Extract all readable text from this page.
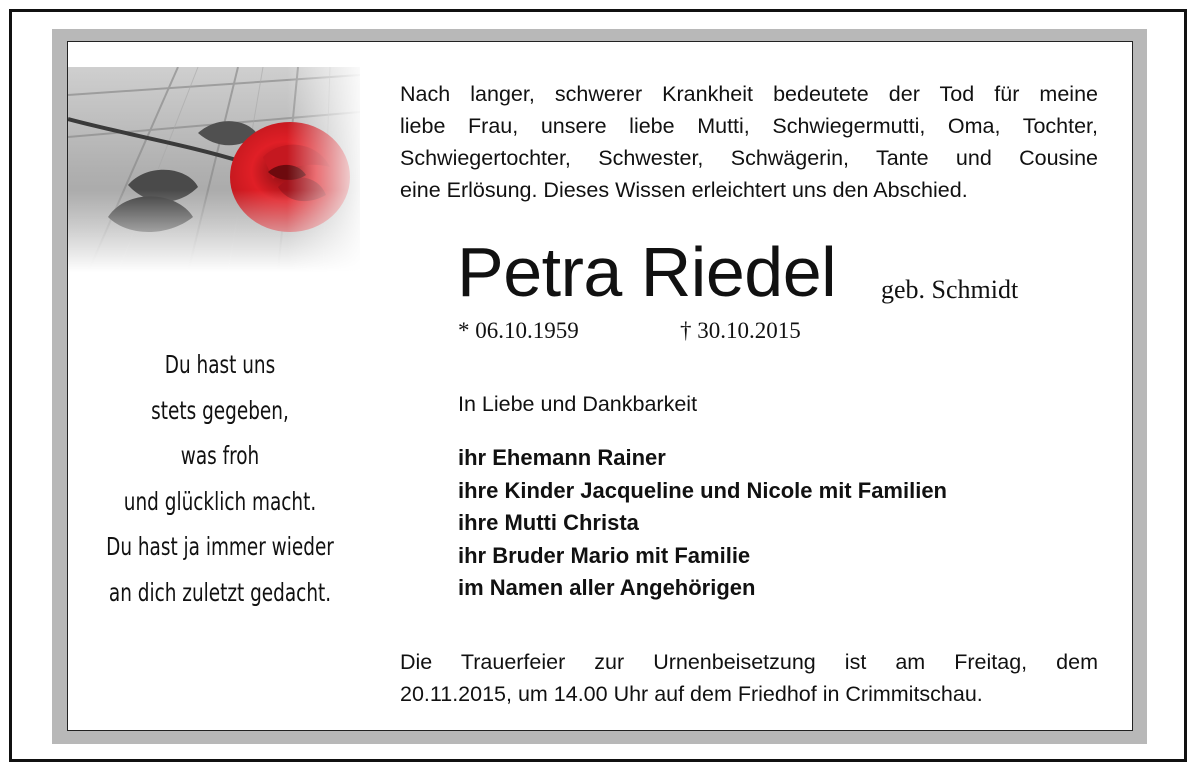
Du hast uns
stets gegeben,
was froh
und glücklich macht.
Du hast ja immer wieder
an dich zuletzt gedacht.
Nach langer, schwerer Krankheit bedeutete der Tod für meine
liebe Frau, unsere liebe Mutti, Schwiegermutti, Oma, Tochter,
Schwiegertochter, Schwester, Schwägerin, Tante und Cousine
eine Erlösung. Dieses Wissen erleichtert uns den Abschied.
Petra Riedel geb. Schmidt
* 06.10.1959	† 30.10.2015
In Liebe und Dankbarkeit
ihr Ehemann Rainer
ihre Kinder Jacqueline und Nicole mit Familien
ihre Mutti Christa
ihr Bruder Mario mit Familie
im Namen aller Angehörigen
Die Trauerfeier zur Urnenbeisetzung ist am Freitag, dem
20.11.2015, um 14.00 Uhr auf dem Friedhof in Crimmitschau.
